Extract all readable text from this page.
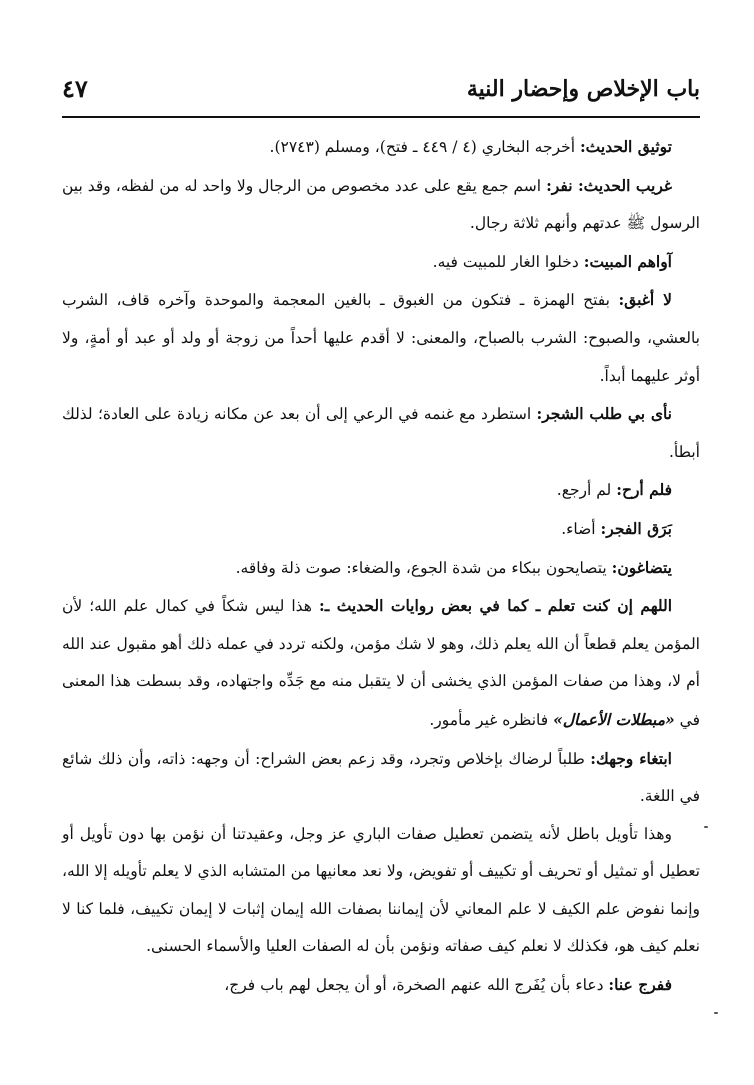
باب الإخلاص وإحضار النية
٤٧

توثيق الحديث: أخرجه البخاري (٤ / ٤٤٩ ـ فتح)، ومسلم (٢٧٤٣).

غريب الحديث: نفر: اسم جمع يقع على عدد مخصوص من الرجال ولا واحد له من لفظه، وقد بين الرسول ﷺ عدتهم وأنهم ثلاثة رجال.

آواهم المبيت: دخلوا الغار للمبيت فيه.

لا أغبق: بفتح الهمزة ـ فتكون من الغبوق ـ بالغين المعجمة والموحدة وآخره قاف، الشرب بالعشي، والصبوح: الشرب بالصباح، والمعنى: لا أقدم عليها أحداً من زوجة أو ولد أو عبد أو أمةٍ، ولا أوثر عليهما أبداً.

نأى بي طلب الشجر: استطرد مع غنمه في الرعي إلى أن بعد عن مكانه زيادة على العادة؛ لذلك أبطأ.

فلم أرح: لم أرجع.

بَرَق الفجر: أضاء.

يتضاغون: يتصايحون ببكاء من شدة الجوع، والضغاء: صوت ذلة وفاقه.

اللهم إن كنت تعلم ـ كما في بعض روايات الحديث ـ: هذا ليس شكاً في كمال علم الله؛ لأن المؤمن يعلم قطعاً أن الله يعلم ذلك، وهو لا شك مؤمن، ولكنه تردد في عمله ذلك أهو مقبول عند الله أم لا، وهذا من صفات المؤمن الذي يخشى أن لا يتقبل منه مع جَدِّه واجتهاده، وقد بسطت هذا المعنى في «مبطلات الأعمال» فانظره غير مأمور.

ابتغاء وجهك: طلباً لرضاك بإخلاص وتجرد، وقد زعم بعض الشراح: أن وجهه: ذاته، وأن ذلك شائع في اللغة.

وهذا تأويل باطل لأنه يتضمن تعطيل صفات الباري عز وجل، وعقيدتنا أن نؤمن بها دون تأويل أو تعطيل أو تمثيل أو تحريف أو تكييف أو تفويض، ولا نعد معانيها من المتشابه الذي لا يعلم تأويله إلا الله، وإنما نفوض علم الكيف لا علم المعاني لأن إيماننا بصفات الله إيمان إثبات لا إيمان تكييف، فلما كنا لا نعلم كيف هو، فكذلك لا نعلم كيف صفاته ونؤمن بأن له الصفات العليا والأسماء الحسنى.

ففرج عنا: دعاء بأن يُفَرج الله عنهم الصخرة، أو أن يجعل لهم باب فرج،
